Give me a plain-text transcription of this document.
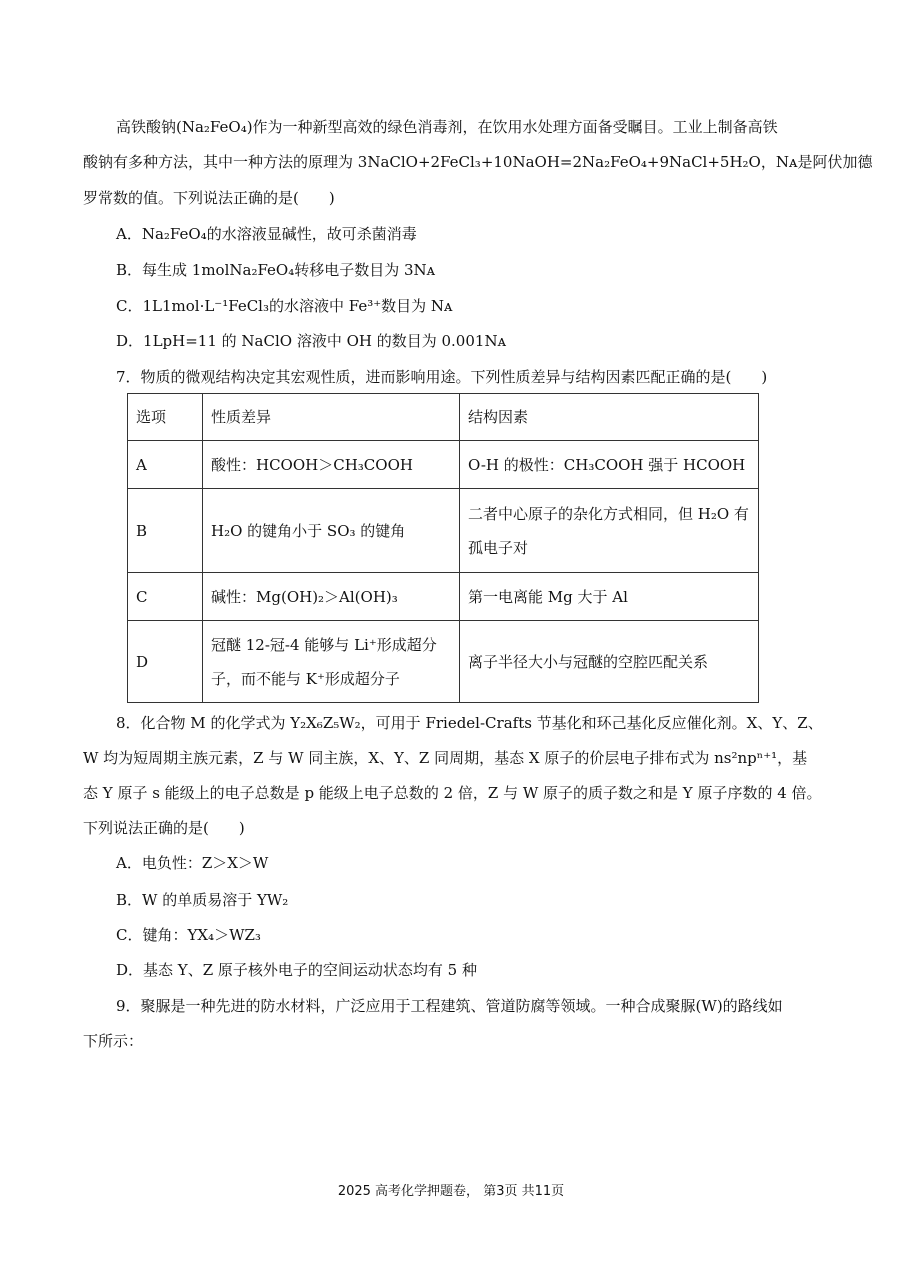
高铁酸钠(Na₂FeO₄)作为一种新型高效的绿色消毒剂，在饮用水处理方面备受瞩目。工业上制备高铁
酸钠有多种方法，其中一种方法的原理为 3NaClO+2FeCl₃+10NaOH=2Na₂FeO₄+9NaCl+5H₂O，Nᴀ是阿伏加德
罗常数的值。下列说法正确的是(　　)
A．Na₂FeO₄的水溶液显碱性，故可杀菌消毒
B．每生成 1molNa₂FeO₄转移电子数目为 3Nᴀ
C．1L1mol·L⁻¹FeCl₃的水溶液中 Fe³⁺数目为 Nᴀ
D．1LpH=11 的 NaClO 溶液中 OH 的数目为 0.001Nᴀ
7．物质的微观结构决定其宏观性质，进而影响用途。下列性质差异与结构因素匹配正确的是(　　)
选项	性质差异	结构因素
A	酸性：HCOOH＞CH₃COOH	O-H 的极性：CH₃COOH 强于 HCOOH
B	H₂O 的键角小于 SO₃ 的键角	二者中心原子的杂化方式相同，但 H₂O 有孤电子对
C	碱性：Mg(OH)₂＞Al(OH)₃	第一电离能 Mg 大于 Al
D	冠醚 12-冠-4 能够与 Li⁺形成超分子，而不能与 K⁺形成超分子	离子半径大小与冠醚的空腔匹配关系
8．化合物 M 的化学式为 Y₂X₆Z₅W₂，可用于 Friedel-Crafts 节基化和环己基化反应催化剂。X、Y、Z、
W 均为短周期主族元素，Z 与 W 同主族，X、Y、Z 同周期，基态 X 原子的价层电子排布式为 ns²npⁿ⁺¹，基
态 Y 原子 s 能级上的电子总数是 p 能级上电子总数的 2 倍，Z 与 W 原子的质子数之和是 Y 原子序数的 4 倍。
下列说法正确的是(　　)
A．电负性：Z＞X＞W
B．W 的单质易溶于 YW₂
C．键角：YX₄＞WZ₃
D．基态 Y、Z 原子核外电子的空间运动状态均有 5 种
9．聚脲是一种先进的防水材料，广泛应用于工程建筑、管道防腐等领域。一种合成聚脲(W)的路线如
下所示：
2025 高考化学押题卷， 第3页 共11页
